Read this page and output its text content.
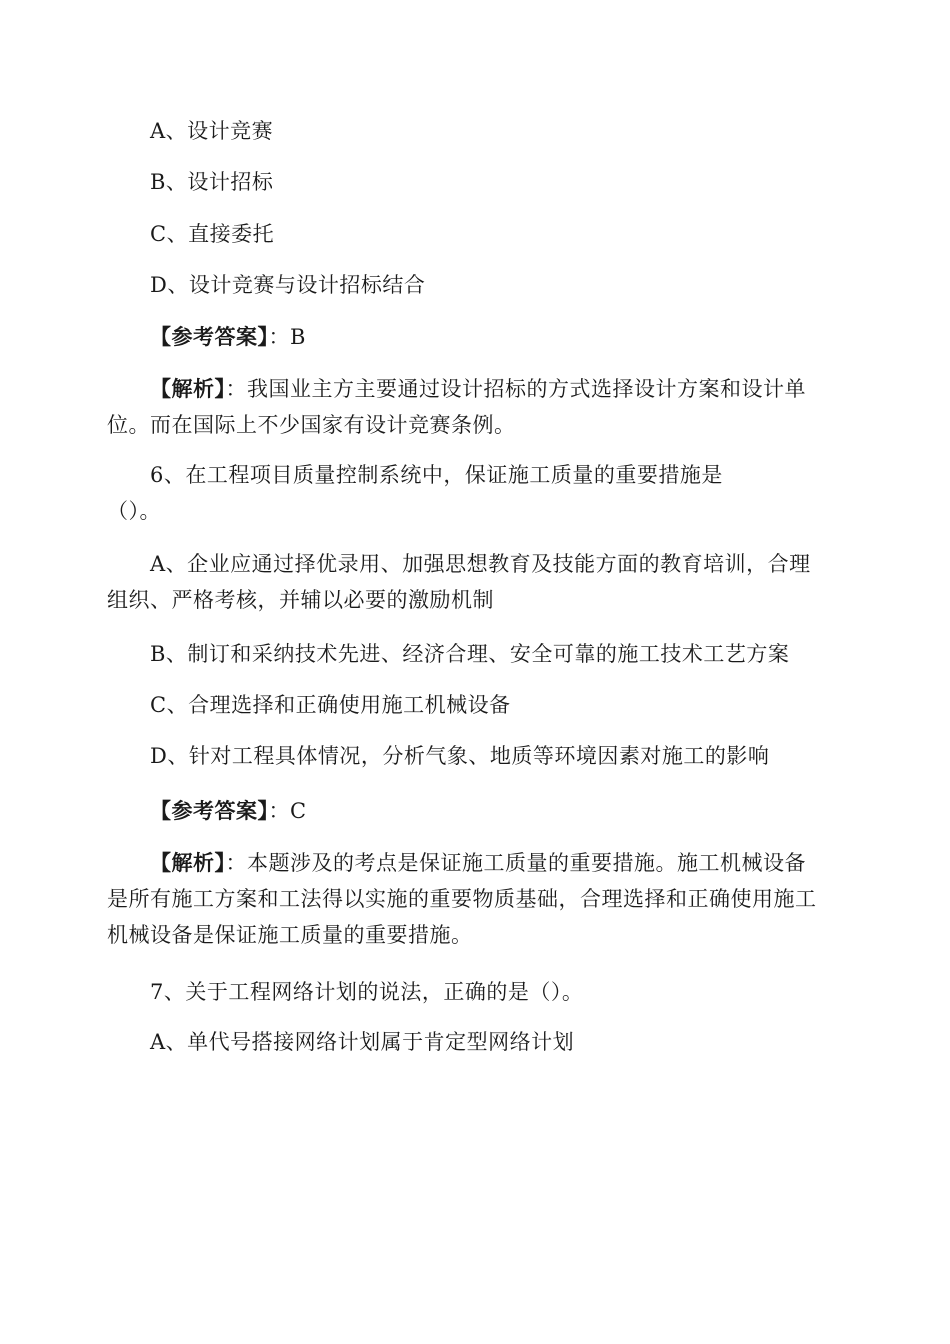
A、设计竞赛
B、设计招标
C、直接委托
D、设计竞赛与设计招标结合
【参考答案】：B
【解析】：我国业主方主要通过设计招标的方式选择设计方案和设计单
位。而在国际上不少国家有设计竞赛条例。
6、在工程项目质量控制系统中，保证施工质量的重要措施是
（）。
A、企业应通过择优录用、加强思想教育及技能方面的教育培训，合理
组织、严格考核，并辅以必要的激励机制
B、制订和采纳技术先进、经济合理、安全可靠的施工技术工艺方案
C、合理选择和正确使用施工机械设备
D、针对工程具体情况，分析气象、地质等环境因素对施工的影响
【参考答案】：C
【解析】：本题涉及的考点是保证施工质量的重要措施。施工机械设备
是所有施工方案和工法得以实施的重要物质基础，合理选择和正确使用施工
机械设备是保证施工质量的重要措施。
7、关于工程网络计划的说法，正确的是（）。
A、单代号搭接网络计划属于肯定型网络计划
